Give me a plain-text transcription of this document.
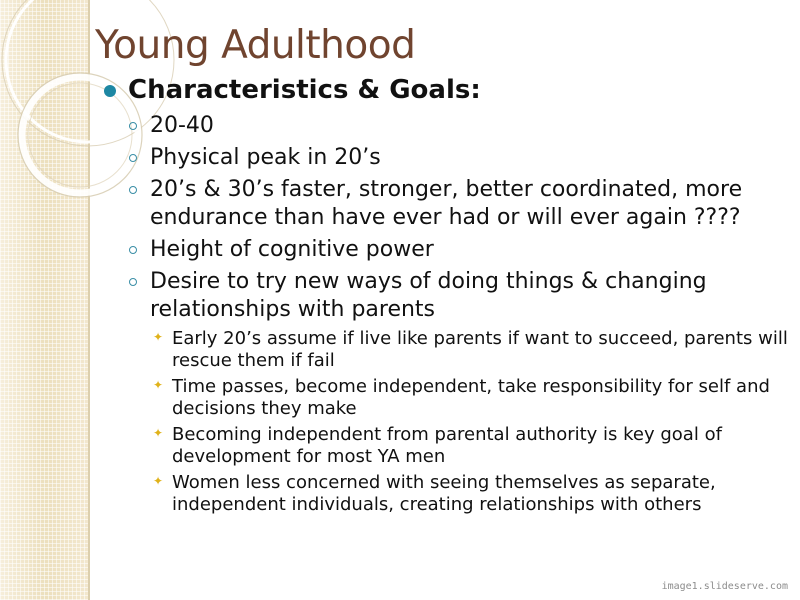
Young Adulthood
Characteristics & Goals:
20-40
Physical peak in 20’s
20’s & 30’s faster, stronger, better coordinated, more endurance than have ever had or will ever again ????
Height of cognitive power
Desire to try new ways of doing things & changing relationships with parents
✦ Early 20’s assume if live like parents if want to succeed, parents will rescue them if fail
✦ Time passes, become independent, take responsibility for self and decisions they make
✦ Becoming independent from parental authority is key goal of development for most YA men
✦ Women less concerned with seeing themselves as separate, independent individuals, creating relationships with others
image1.slideserve.com
